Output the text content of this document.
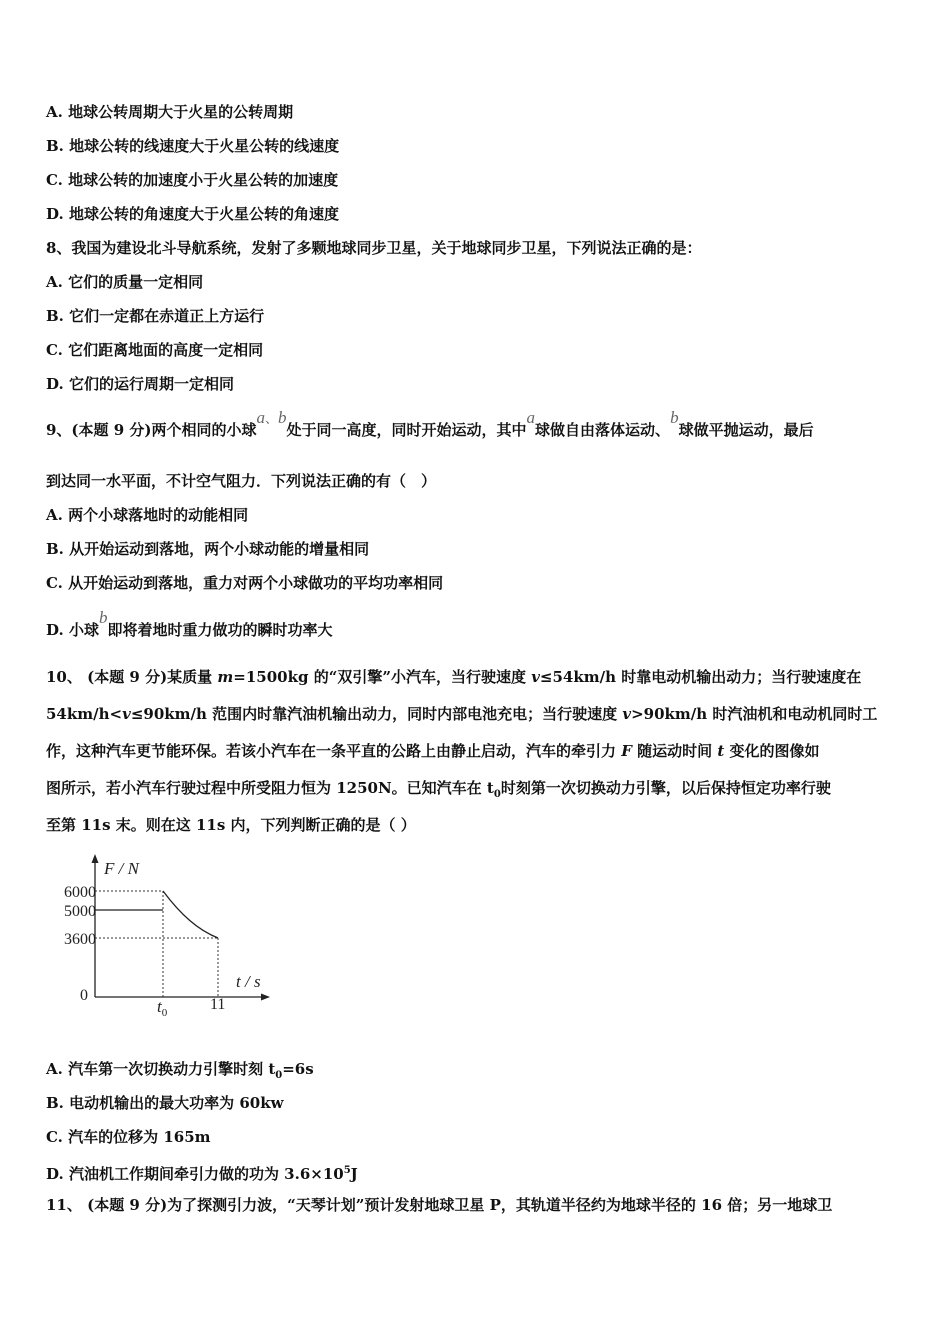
A. 地球公转周期大于火星的公转周期
B. 地球公转的线速度大于火星公转的线速度
C. 地球公转的加速度小于火星公转的加速度
D. 地球公转的角速度大于火星公转的角速度
8、我国为建设北斗导航系统，发射了多颗地球同步卫星，关于地球同步卫星，下列说法正确的是：
A. 它们的质量一定相同
B. 它们一定都在赤道正上方运行
C. 它们距离地面的高度一定相同
D. 它们的运行周期一定相同
9、(本题 9 分)两个相同的小球a、b处于同一高度，同时开始运动，其中a球做自由落体运动、b球做平抛运动，最后
到达同一水平面，不计空气阻力．下列说法正确的有（　）
A. 两个小球落地时的动能相同
B. 从开始运动到落地，两个小球动能的增量相同
C. 从开始运动到落地，重力对两个小球做功的平均功率相同
D. 小球b即将着地时重力做功的瞬时功率大
10、 (本题 9 分)某质量 m=1500kg 的“双引擎”小汽车，当行驶速度 v≤54km/h 时靠电动机输出动力；当行驶速度在
54km/h<v≤90km/h 范围内时靠汽油机输出动力，同时内部电池充电；当行驶速度 v>90km/h 时汽油机和电动机同时工
作，这种汽车更节能环保。若该小汽车在一条平直的公路上由静止启动，汽车的牵引力 F 随运动时间 t 变化的图像如
图所示，若小汽车行驶过程中所受阻力恒为 1250N。已知汽车在 $t_0$时刻第一次切换动力引擎，以后保持恒定功率行驶
至第 11s 末。则在这 11s 内，下列判断正确的是（ ）
F / N
6000
5000
3600
0
t / s
$t_0$	11
A. 汽车第一次切换动力引擎时刻 $t_0=6s$
B. 电动机输出的最大功率为 60kw
C. 汽车的位移为 165m
D. 汽油机工作期间牵引力做的功为 $3.6\times 10^5J$
11、 (本题 9 分)为了探测引力波，“天琴计划”预计发射地球卫星 P，其轨道半径约为地球半径的 16 倍；另一地球卫
